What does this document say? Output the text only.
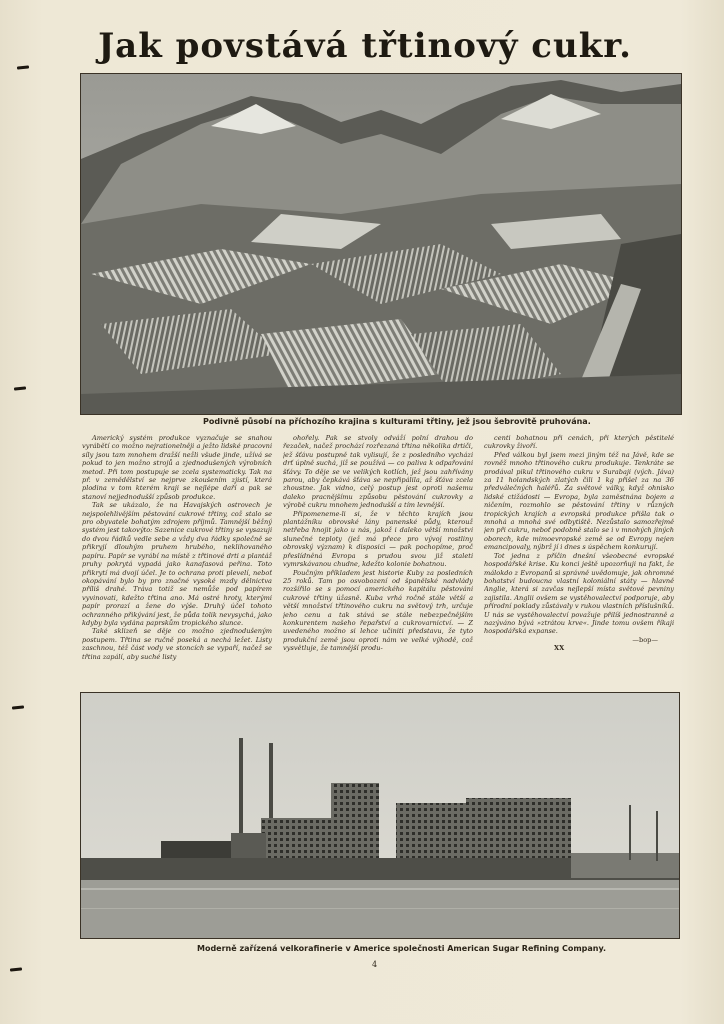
Jak povstává třtinový cukr.
Podivně působí na příchozího krajina s kulturami třtiny, jež jsou šebrovitě pruhována.

Americký systém produkce vyznačuje se snahou vyrábětí co možno nejrationelněji a ježto lidské pracovní síly jsou tam mnohem dražší nežli všude jinde, užívá se pokud to jen možno strojů a zjednodušených výrobních metod. Při tom postupuje se zcela systematicky. Tak na př. v zemědělství se nejprve zkoušením zjistí, která plodina v tom kterém kraji se nejlépe daří a pak se stanoví nejjednodušší způsob produkce.

Tak se ukázalo, že na Havajských ostrovech je nejspolehlivějším pěstování cukrové třtiny, což stalo se pro obyvatele bohatým zdrojem příjmů. Tamnější běžný systém jest takovýto: Sazenice cukrové třtiny se vysazují do dvou řádků vedle sebe a vždy dva řádky společně se přikryjí dlouhým pruhem hrubého, neklihovaného papíru. Papír se vyrábí na místě z třtinové drti a plantáž pruhy pokrytá vypadá jako kanafasová peřina. Toto přikrytí má dvojí účel. Je to ochrana proti plevelí, neboť okopávání bylo by pro značné vysoké mzdy dělnictva příliš drahé. Tráva totiž se nemůže pod papírem vyvinovati, kdežto třtina ano. Má ostré hroty, kterými papír prorazí a žene do výše. Druhý účel tohoto ochranného přikývání jest, že půda tolik nevysychá, jako kdyby byla vydána paprskům tropického slunce.

Také sklizeň se děje co možno zjednodušeným postupem. Třtina se ručně poseká a nechá ležet. Listy zaschnou, též část vody ve stoncích se vypaří, načež se třtina zapálí, aby suché listy

ohořely. Pak se stvoly odváží polní drahou do řezaček, načež prochází rozřezaná třtina několika drtiči, jež šťávu postupně tak vylisují, že z posledního vychází drť úplně suchá, jíž se používá — co paliva k odpařování šťávy. To děje se ve velikých kotlích, jež jsou zahřívány parou, aby čepkává šťáva se nepřipálila, až šťáva zcela zhoustne. Jak vidno, celý postup jest oproti našemu dalekо pracnějšímu způsobu pěstování cukrovky a výrobě cukru mnohem jednodušší a tím levnější.

Připomeneme-li si, že v těchto krajích jsou plantážníku obrovské lány panenské půdy, kterouž netřeba hnojit jako u nás, jakož i daleko větší množství slunečné teploty (jež má přece pro vývoj rostliny obrovský význam) k disposici — pak pochopíme, proč přeslídněná Evropa s prudou svou již staletí vymrskávanou chudne, kdežto kolonie bohatnou.

Poučným příkladem jest historie Kuby za posledních 25 roků. Tam po osvobození od španělské nadvlády rozšířilo se s pomocí amerického kapitálu pěstování cukrové třtiny úžasně. Kuba vrhá ročně stále větší a větší množství třtinového cukru na světový trh, určuje jeho cenu a tak stává se stále nebezpečnějším konkurentem našeho řepařství a cukrovarnictví. — Z uvedeného možno si lehce učiniti představu, že tyto produkční země jsou oproti nám ve velké výhodě, což vysvětluje, že tamnější produ-

centi bohatnou při cenách, při kterých pěstitelé cukrovky živoří.

Před válkou byl jsem mezi jiným též na Jávě, kde se rovněž mnoho třtinového cukru produkuje. Tenkráte se prodával pikul třtinového cukru v Surabaji (vých. Jáva) za 11 holandských zlatých čili 1 kg přišel za na 36 předválečných haléřů. Za světové války, když ohnisko lidské ctižádosti — Evropa, byla zaměstnána bojem a ničením, rozmohlo se pěstování třtiny v různých tropických krajích a evropská produkce přišla tak o mnohá a mnohá své odbytiště. Nezůstalo samozřejmě jen při cukru, neboť podobně stalo se i v mnohých jiných oborech, kde mimoevropské země se od Evropy nejen emancipovaly, nýbrž jí i dnes s úspěchem konkurují.

Tot jedna z příčin dnešní všeobecné evropské hospodářské krise. Ku konci ještě upozorňuji na fakt, že málokdo z Evropanů si správně uvědomuje, jak ohromné bohatství budoucna vlastní koloniální státy — hlavně Anglie, která si zavčas nejlepší místa světové pevniny zajistila. Anglii ovšem se vystěhovalectví podporuje, aby přírodní poklady zůstávaly v rukou vlastních příslušníků. U nás se vystěhovalectví považuje přilíš jednostranně a nazýváno bývá »ztrátou krve«. Jinde tomu ovšem říkají hospodářská expanse.

—bop—
XX
Moderně zařízená velkorafinerie v Americe společnosti American Sugar Refining Company.
4
